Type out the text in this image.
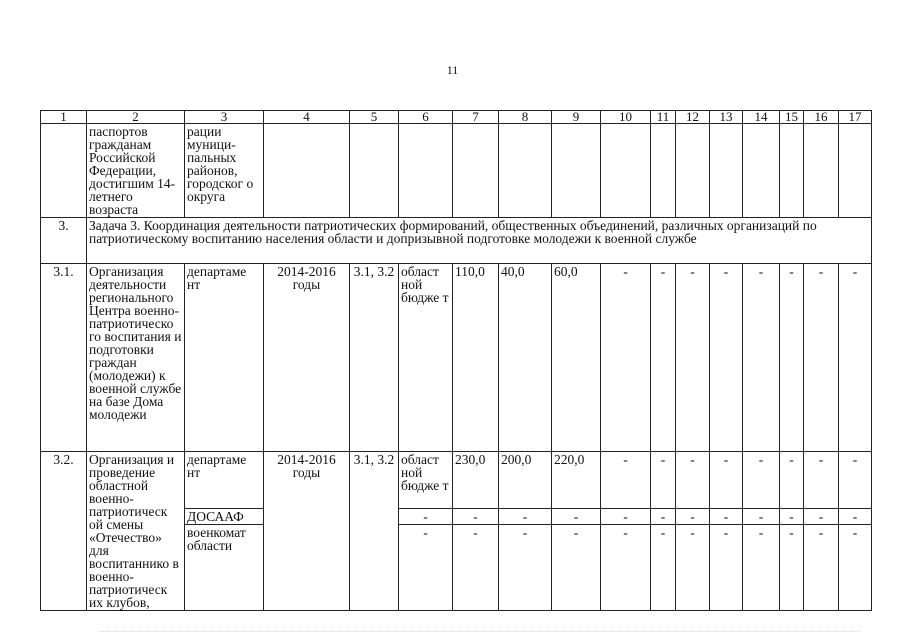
11
1	2	3	4	5	6	7	8	9	10	11	12	13	14	15	16	17
	паспортов гражданам Российской Федерации, достигшим 14-летнего возраста	рации муници-пальных районов, городског о округа														
3.	Задача 3. Координация деятельности патриотических формирований, общественных объединений, различных организаций по патриотическому воспитанию населения области и допризывной подготовке молодежи к военной службе															
3.1.	Организация деятельности регионального Центра военно-патриотическо го воспитания и подготовки граждан (молодежи) к военной службе на базе Дома молодежи	департаме нт	2014-2016 годы	3.1, 3.2	област ной бюдже т	110,0	40,0	60,0	-	-	-	-	-	-	-	-
3.2.	Организация и проведение областной военно-патриотическ ой смены «Отечество» для воспитаннико в военно-патриотическ их клубов,	департаме нт	2014-2016 годы	3.1, 3.2	област ной бюдже т	230,0	200,0	220,0	-	-	-	-	-	-	-	-
		ДОСААФ			-	-	-	-	-	-	-	-	-	-	-	-
		военкомат области			-	-	-	-	-	-	-	-	-	-	-	-
